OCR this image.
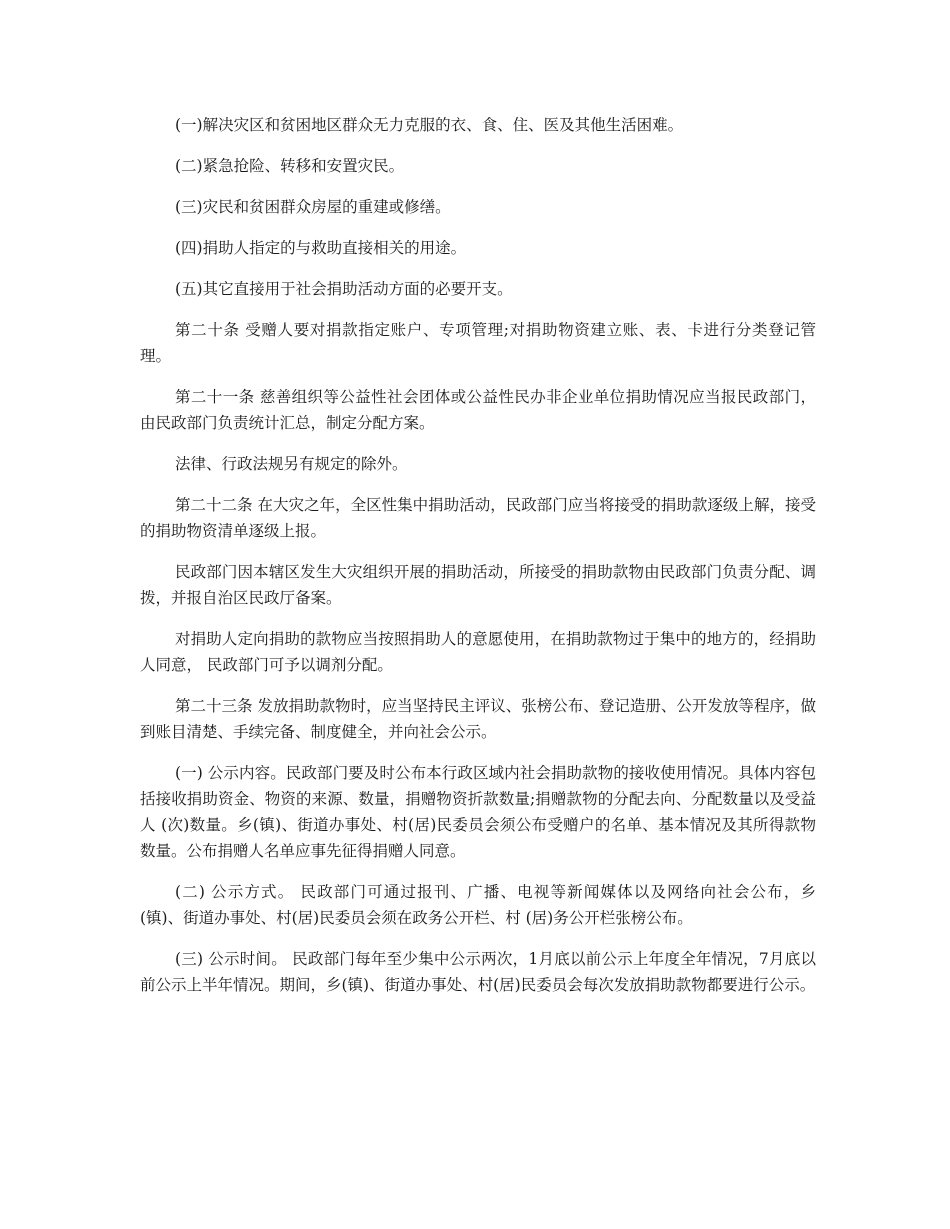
(一)解决灾区和贫困地区群众无力克服的衣、食、住、医及其他生活困难。

(二)紧急抢险、转移和安置灾民。

(三)灾民和贫困群众房屋的重建或修缮。

(四)捐助人指定的与救助直接相关的用途。

(五)其它直接用于社会捐助活动方面的必要开支。

第二十条 受赠人要对捐款指定账户、专项管理;对捐助物资建立账、表、卡进行分类登记管理。

第二十一条 慈善组织等公益性社会团体或公益性民办非企业单位捐助情况应当报民政部门， 由民政部门负责统计汇总，制定分配方案。

法律、行政法规另有规定的除外。

第二十二条 在大灾之年，全区性集中捐助活动，民政部门应当将接受的捐助款逐级上解，接受的捐助物资清单逐级上报。

民政部门因本辖区发生大灾组织开展的捐助活动，所接受的捐助款物由民政部门负责分配、调拨，并报自治区民政厅备案。

对捐助人定向捐助的款物应当按照捐助人的意愿使用，在捐助款物过于集中的地方的，经捐助人同意， 民政部门可予以调剂分配。

第二十三条 发放捐助款物时，应当坚持民主评议、张榜公布、登记造册、公开发放等程序，做到账目清楚、手续完备、制度健全，并向社会公示。

(一) 公示内容。民政部门要及时公布本行政区域内社会捐助款物的接收使用情况。具体内容包括接收捐助资金、物资的来源、数量，捐赠物资折款数量;捐赠款物的分配去向、分配数量以及受益人 (次)数量。乡(镇)、街道办事处、村(居)民委员会须公布受赠户的名单、基本情况及其所得款物数量。公布捐赠人名单应事先征得捐赠人同意。

(二) 公示方式。 民政部门可通过报刊、广播、电视等新闻媒体以及网络向社会公布，乡 (镇)、街道办事处、村(居)民委员会须在政务公开栏、村 (居)务公开栏张榜公布。

(三) 公示时间。 民政部门每年至少集中公示两次，1月底以前公示上年度全年情况，7月底以前公示上半年情况。期间，乡(镇)、街道办事处、村(居)民委员会每次发放捐助款物都要进行公示。
